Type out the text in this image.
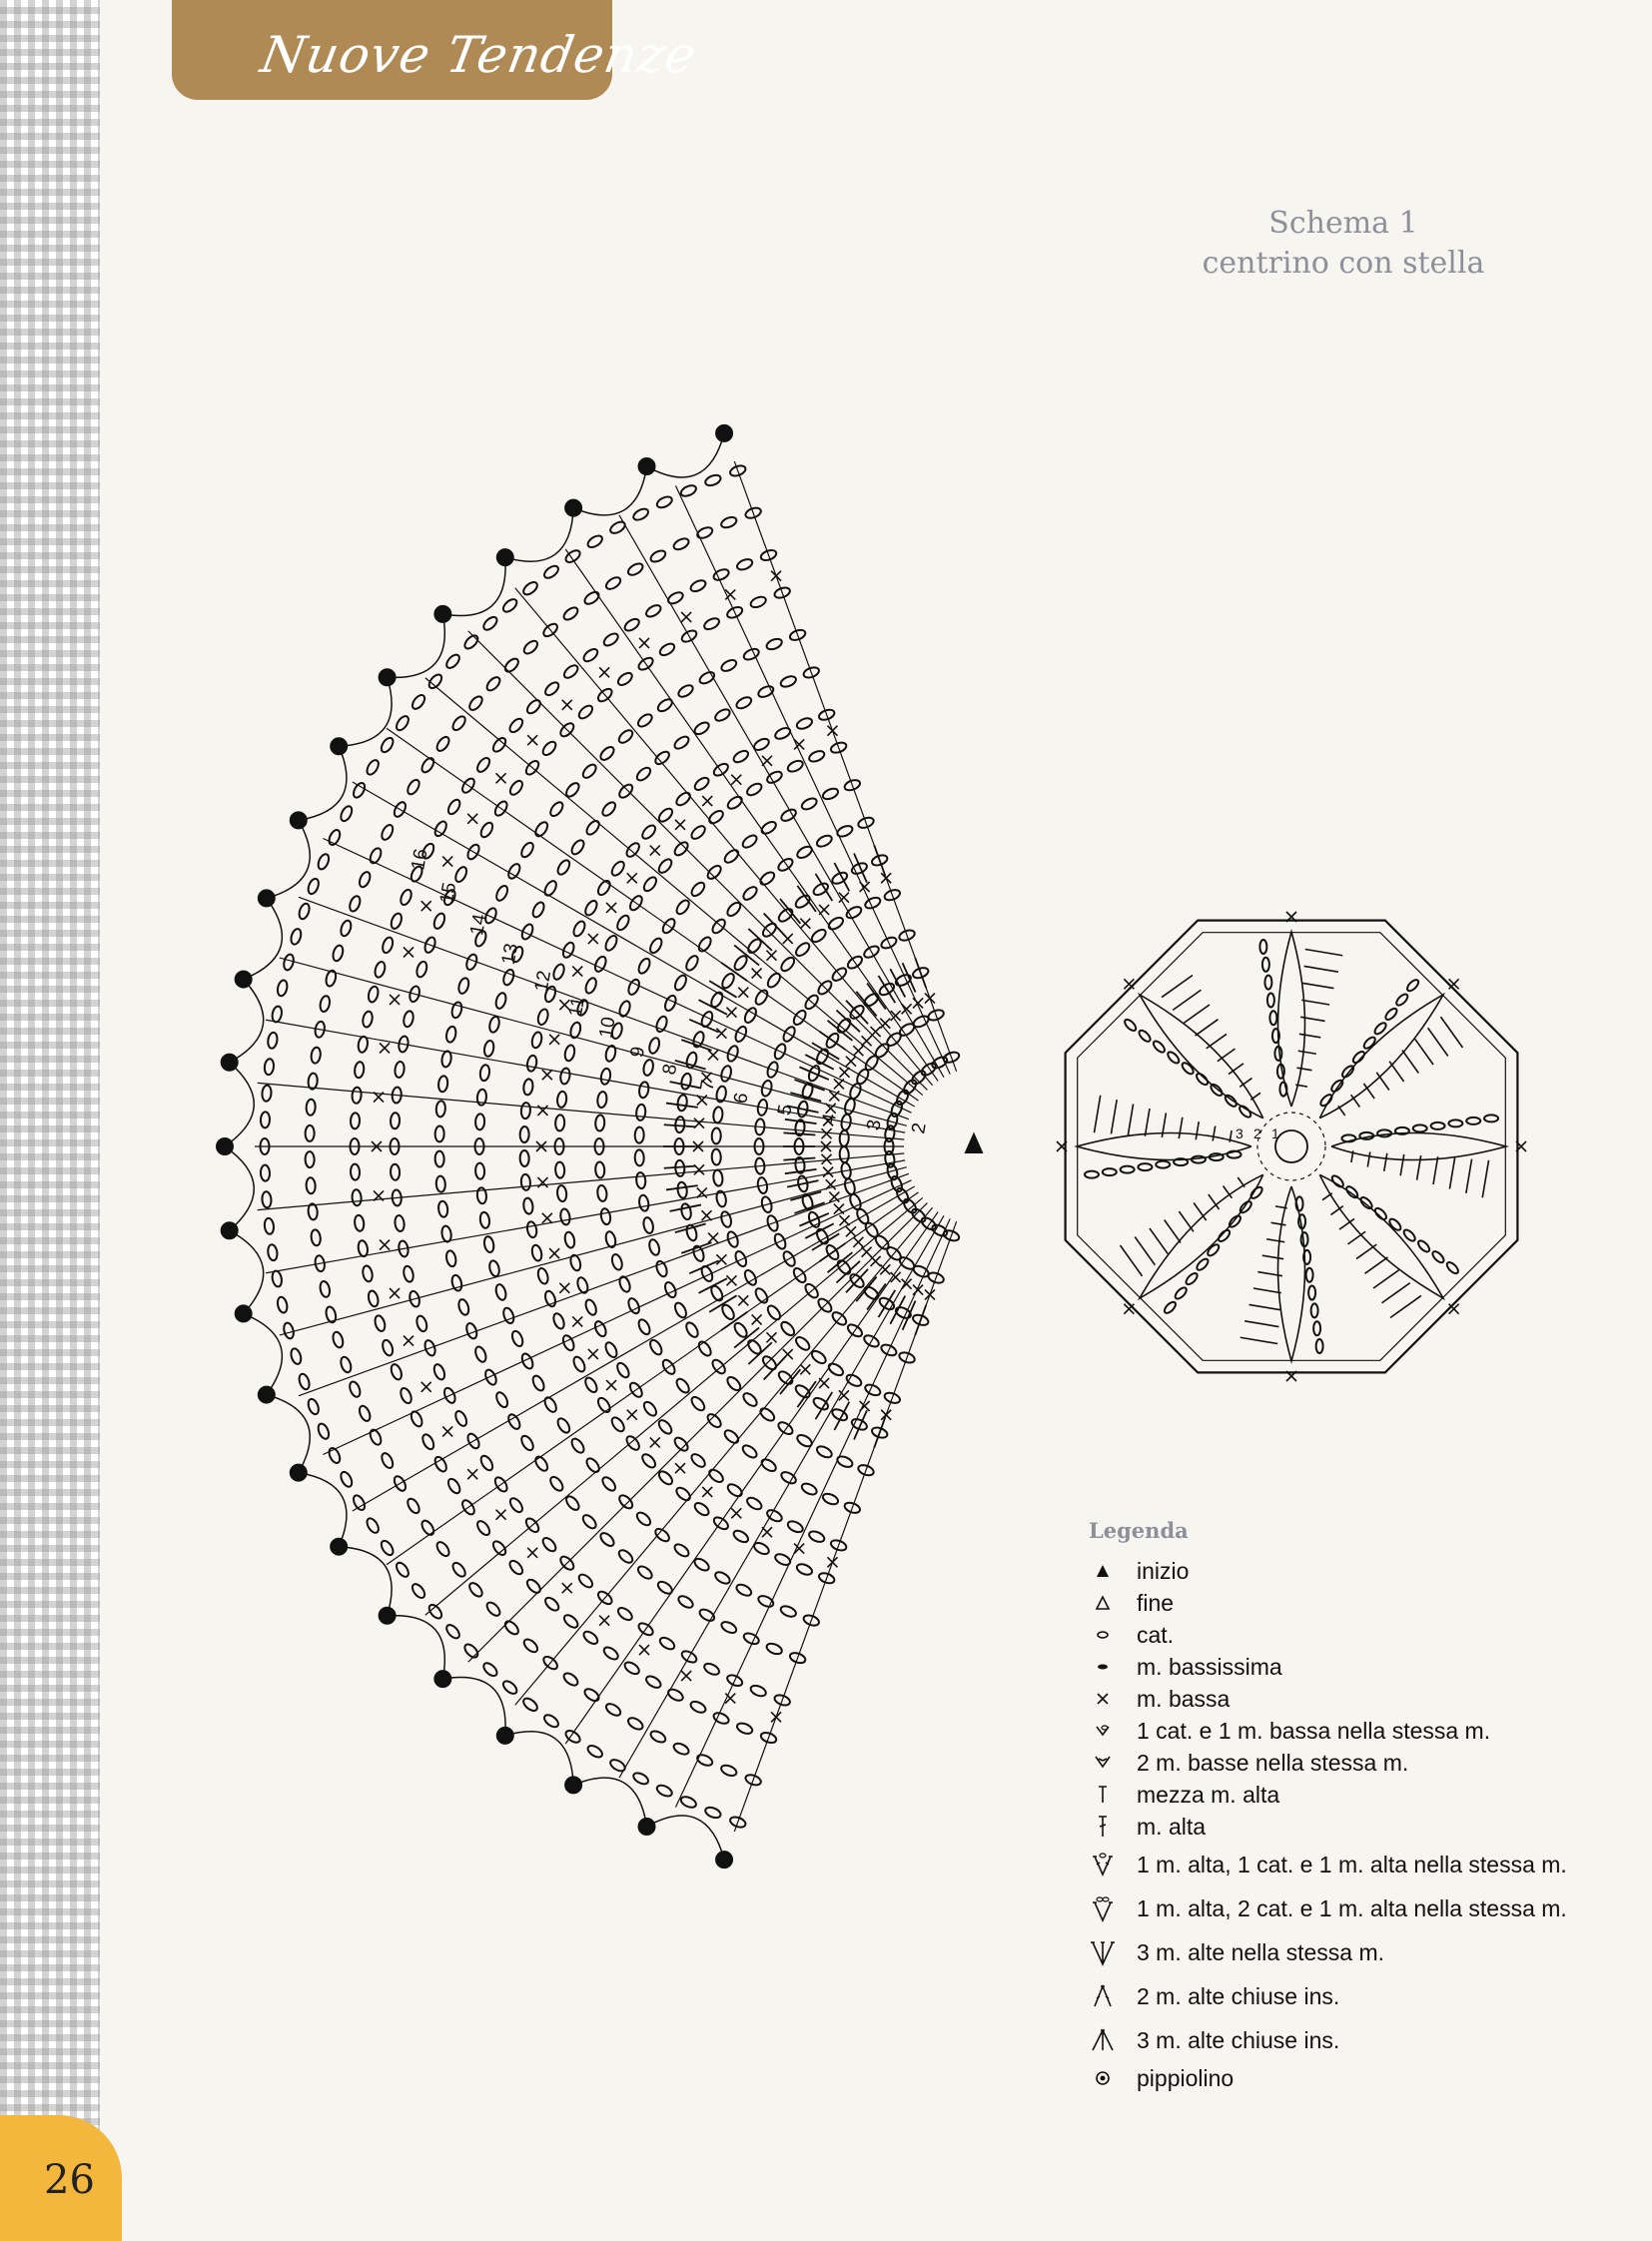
Nuove Tendenze
Schema 1
centrino con stella
2
3
4
5
6
7
8
9
10
11
12
13
14
15
16
1
2
3
Legenda
inizio
fine
cat.
m. bassissima
m. bassa
1 cat. e 1 m. bassa nella stessa m.
2 m. basse nella stessa m.
mezza m. alta
m. alta
1 m. alta, 1 cat. e 1 m. alta nella stessa m.
1 m. alta, 2 cat. e 1 m. alta nella stessa m.
3 m. alte nella stessa m.
2 m. alte chiuse ins.
3 m. alte chiuse ins.
pippiolino
26
